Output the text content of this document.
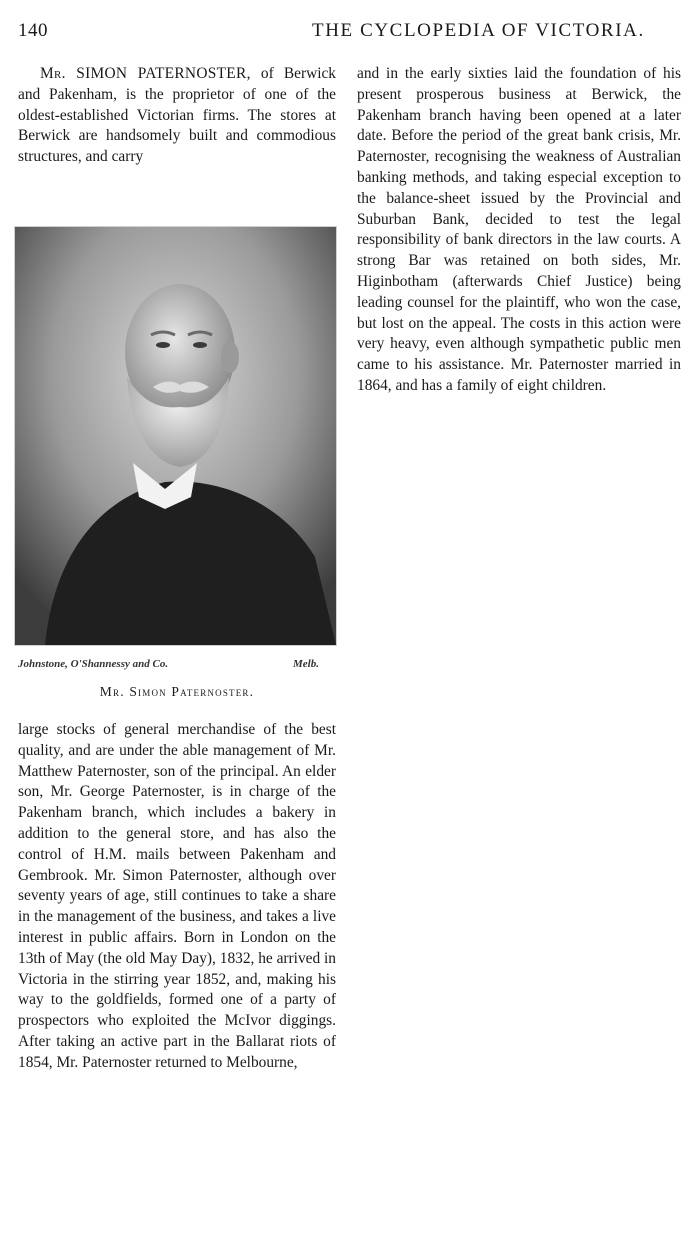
140	THE CYCLOPEDIA OF VICTORIA.

Mr. SIMON PATERNOSTER, of Berwick and Pakenham, is the proprietor of one of the oldest-established Victorian firms. The stores at Berwick are handsomely built and commodious structures, and carry

Johnstone, O'Shannessy and Co.	Melb.
Mr. Simon Paternoster.

large stocks of general merchandise of the best quality, and are under the able management of Mr. Matthew Paternoster, son of the principal. An elder son, Mr. George Paternoster, is in charge of the Pakenham branch, which includes a bakery in addition to the general store, and has also the control of H.M. mails between Pakenham and Gembrook. Mr. Simon Paternoster, although over seventy years of age, still continues to take a share in the management of the business, and takes a live interest in public affairs. Born in London on the 13th of May (the old May Day), 1832, he arrived in Victoria in the stirring year 1852, and, making his way to the goldfields, formed one of a party of prospectors who exploited the McIvor diggings. After taking an active part in the Ballarat riots of 1854, Mr. Paternoster returned to Melbourne,

and in the early sixties laid the foundation of his present prosperous business at Berwick, the Pakenham branch having been opened at a later date. Before the period of the great bank crisis, Mr. Paternoster, recognising the weakness of Australian banking methods, and taking especial exception to the balance-sheet issued by the Provincial and Suburban Bank, decided to test the legal responsibility of bank directors in the law courts. A strong Bar was retained on both sides, Mr. Higinbotham (afterwards Chief Justice) being leading counsel for the plaintiff, who won the case, but lost on the appeal. The costs in this action were very heavy, even although sympathetic public men came to his assistance. Mr. Paternoster married in 1864, and has a family of eight children.
